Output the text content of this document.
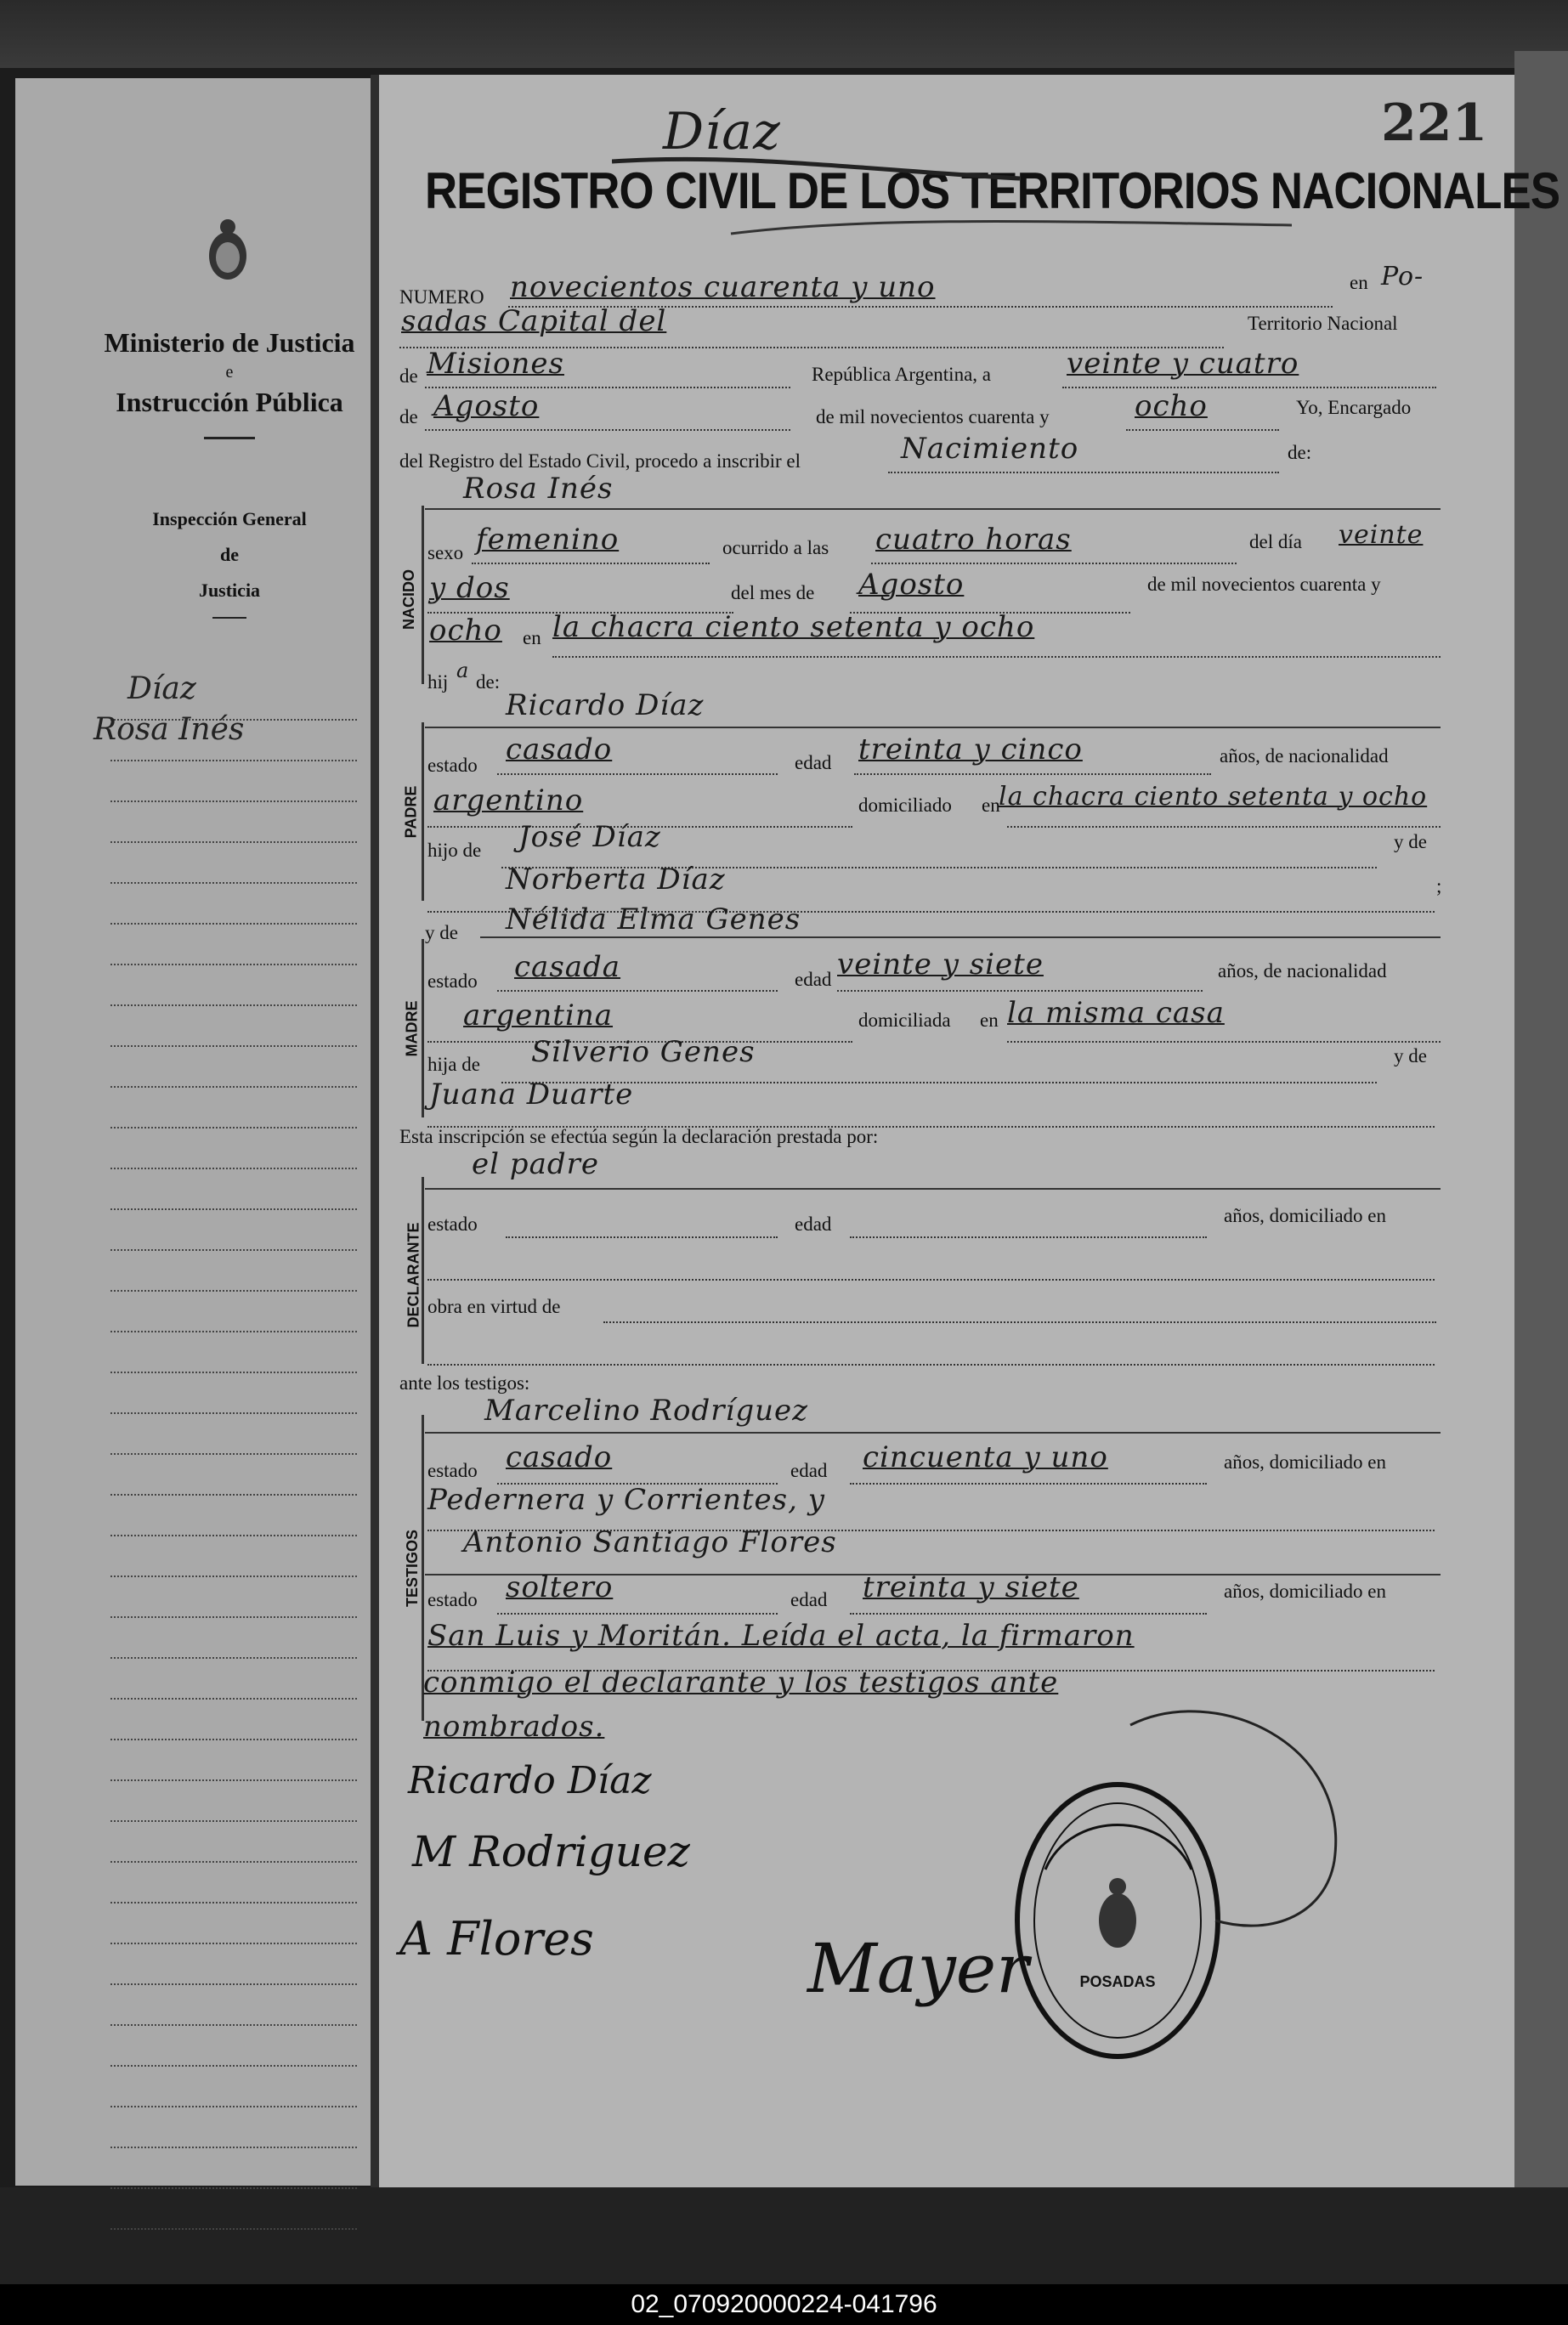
02_070920000224-041796
Ministerio de Justicia
e
Instrucción Pública
Inspección General
de
Justicia
Díaz
Rosa Inés
221
Díaz
REGISTRO CIVIL DE LOS TERRITORIOS NACIONALES
NUMERO novecientos cuarenta y uno	en Po-
sadas Capital del	Territorio Nacional
de Misiones	República Argentina, a	veinte y cuatro
de Agosto	de mil novecientos cuarenta y	ocho	Yo, Encargado
del Registro del Estado Civil, procedo a inscribir el	Nacimiento	de:
NACIDO
Rosa Inés
sexo femenino	ocurrido a las cuatro horas	del día veinte
y dos	del mes de Agosto	de mil novecientos cuarenta y
ocho en la chacra ciento setenta y ocho
hij a de:
PADRE
Ricardo Díaz
estado casado	edad treinta y cinco	años, de nacionalidad
argentino	domiciliado en
la chacra ciento setenta y ocho
hijo de José Díaz	y de
Norberta Díaz	;
MADRE
y de Nélida Elma Genes
estado casada	edad veinte y siete	años, de nacionalidad
argentina	domiciliada en la misma casa
hija de Silverio Genes	y de
Juana Duarte
Esta inscripción se efectúa según la declaración prestada por:
DECLARANTE
el padre
estado	edad	años, domiciliado en
obra en virtud de
ante los testigos:
TESTIGOS
Marcelino Rodríguez
estado casado	edad cincuenta y uno	años, domiciliado en
Pedernera y Corrientes, y
Antonio Santiago Flores
estado soltero	edad treinta y siete	años, domiciliado en
San Luis y Moritán. Leída el acta, la firmaron
conmigo el declarante y los testigos ante
nombrados.
Ricardo Díaz
M Rodriguez
A Flores	Mayer	POSADAS
